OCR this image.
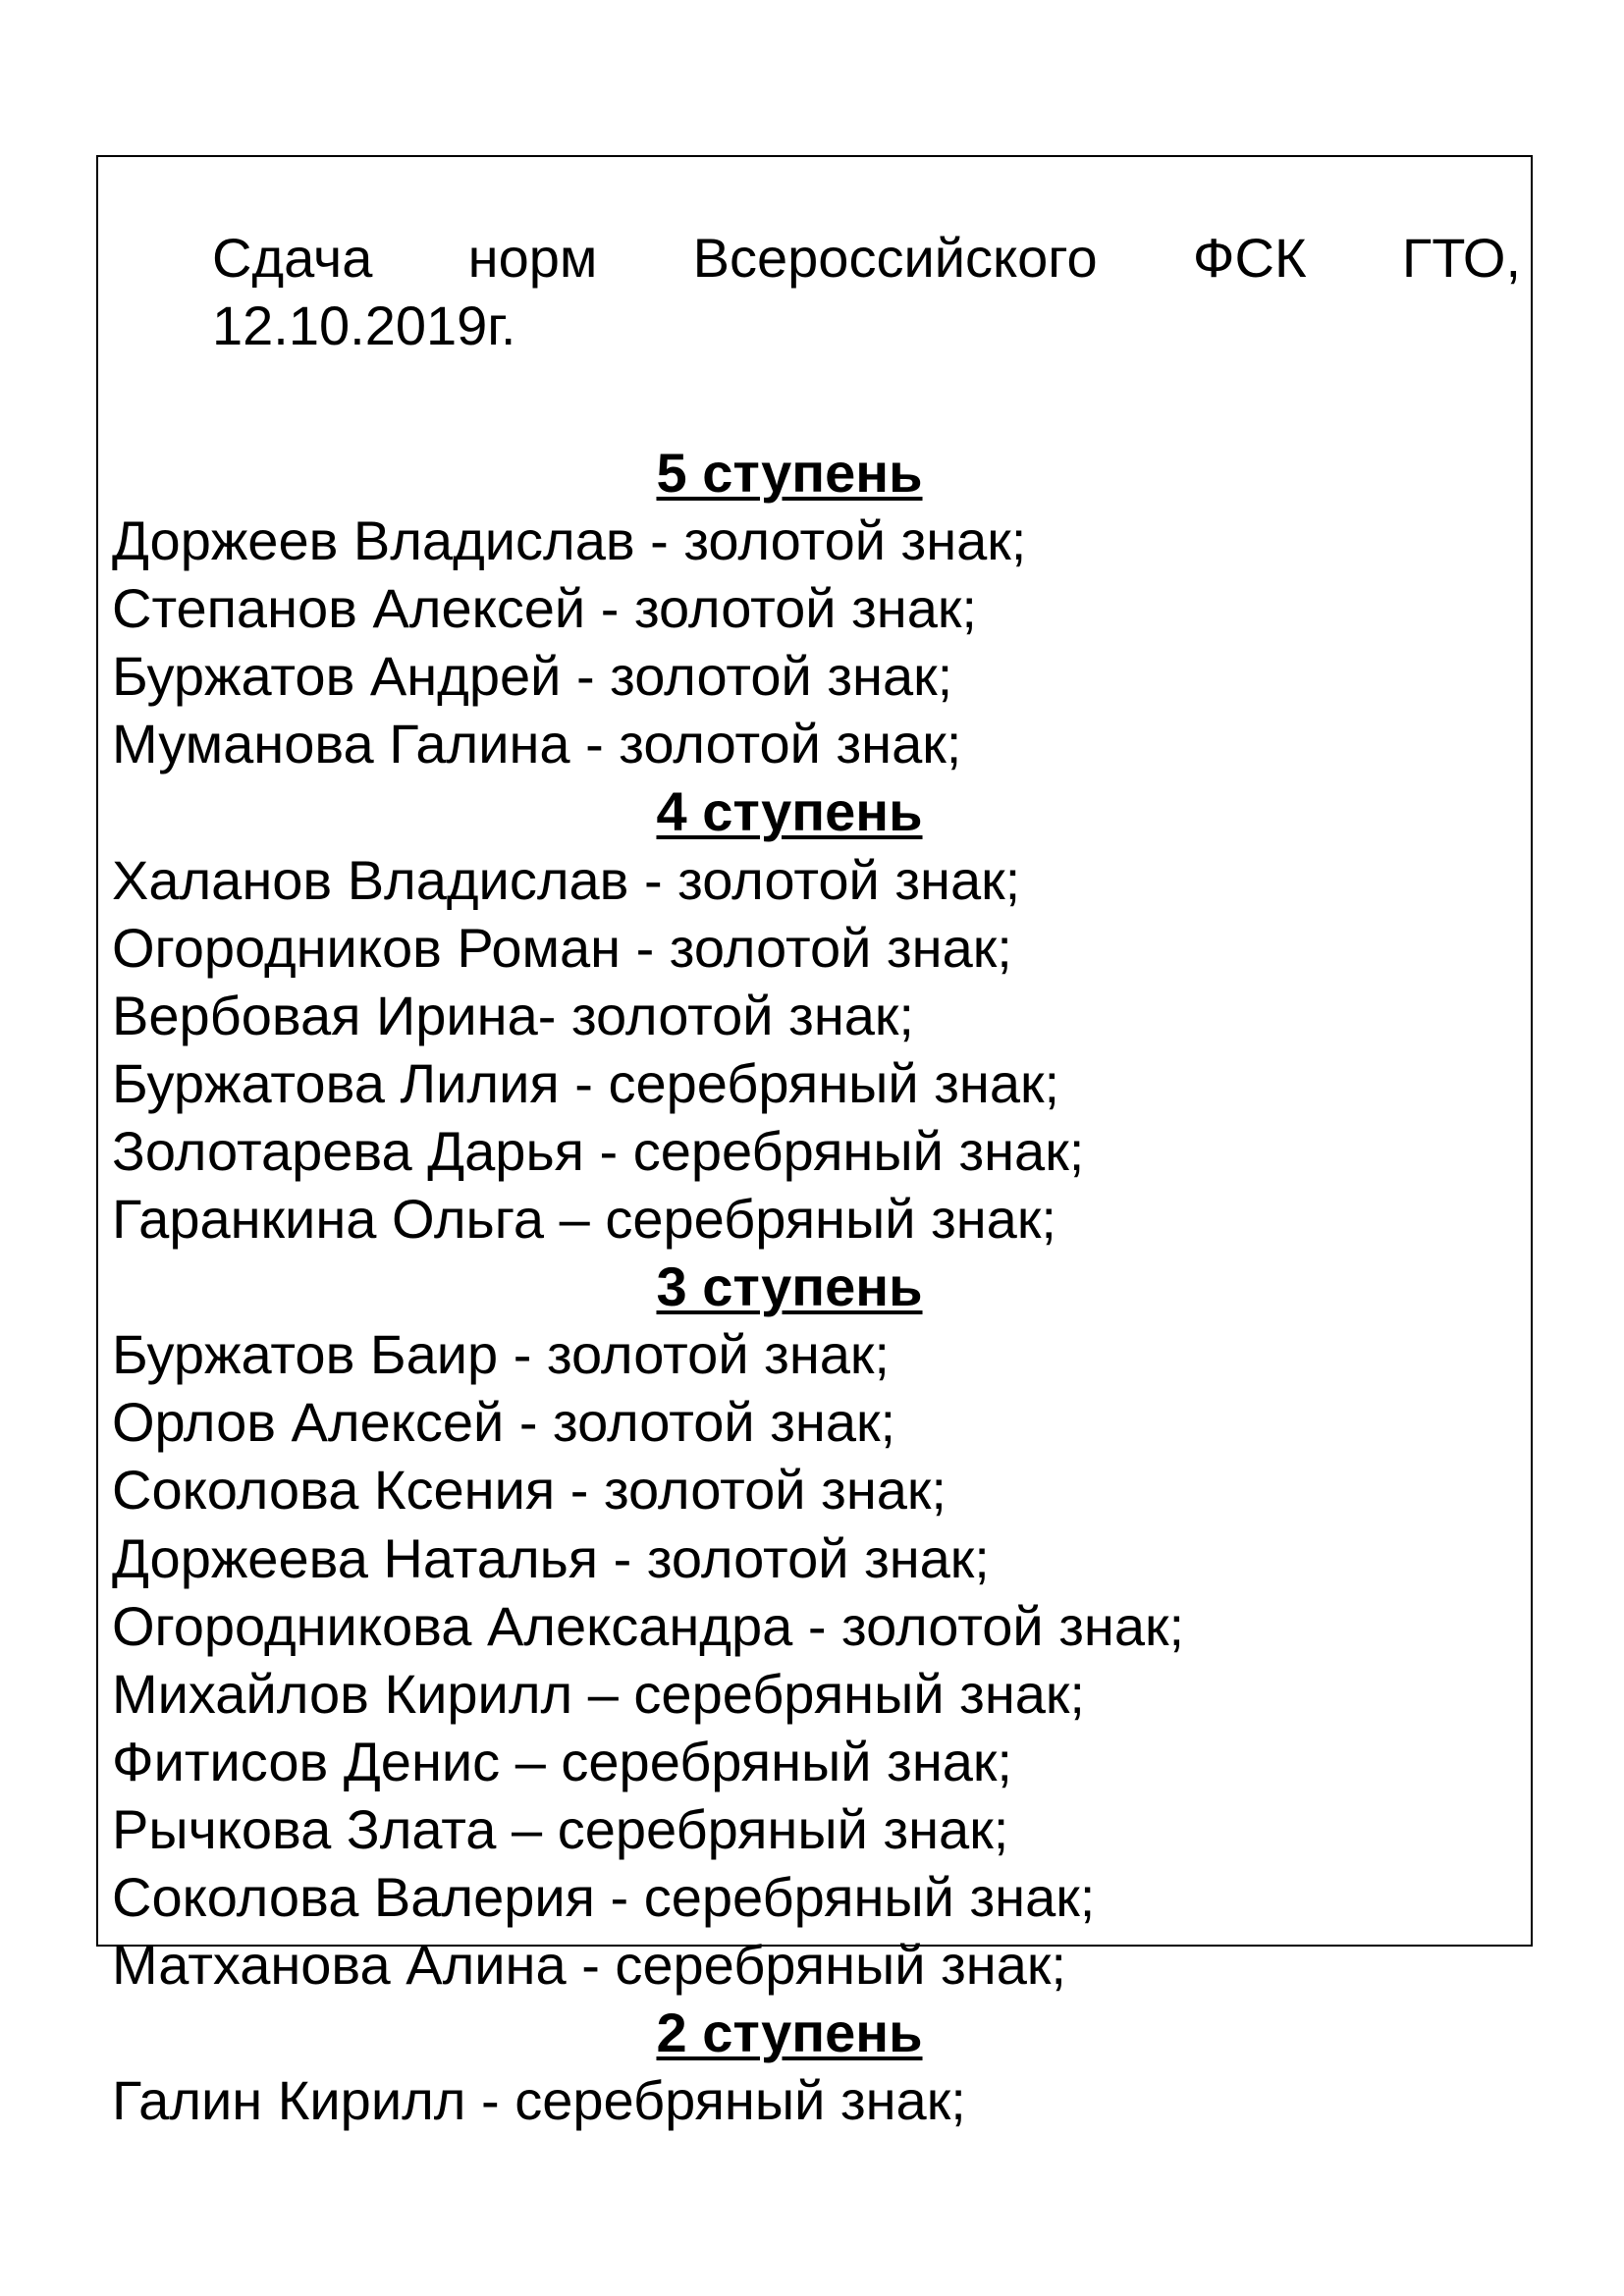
Сдача норм Всероссийского ФСК ГТО,
12.10.2019г.
5 ступень
Доржеев Владислав - золотой знак;
Степанов Алексей - золотой знак;
Буржатов Андрей - золотой знак;
Муманова Галина - золотой знак;
4 ступень
Халанов Владислав - золотой знак;
Огородников Роман - золотой знак;
Вербовая Ирина- золотой знак;
Буржатова Лилия - серебряный знак;
Золотарева Дарья - серебряный знак;
Гаранкина Ольга – серебряный знак;
3 ступень
Буржатов Баир - золотой знак;
Орлов Алексей - золотой знак;
Соколова Ксения - золотой знак;
Доржеева Наталья - золотой знак;
Огородникова Александра - золотой знак;
Михайлов Кирилл – серебряный знак;
Фитисов Денис – серебряный знак;
Рычкова Злата – серебряный знак;
Соколова Валерия - серебряный знак;
Матханова Алина - серебряный знак;
2 ступень
Галин Кирилл - серебряный знак;
